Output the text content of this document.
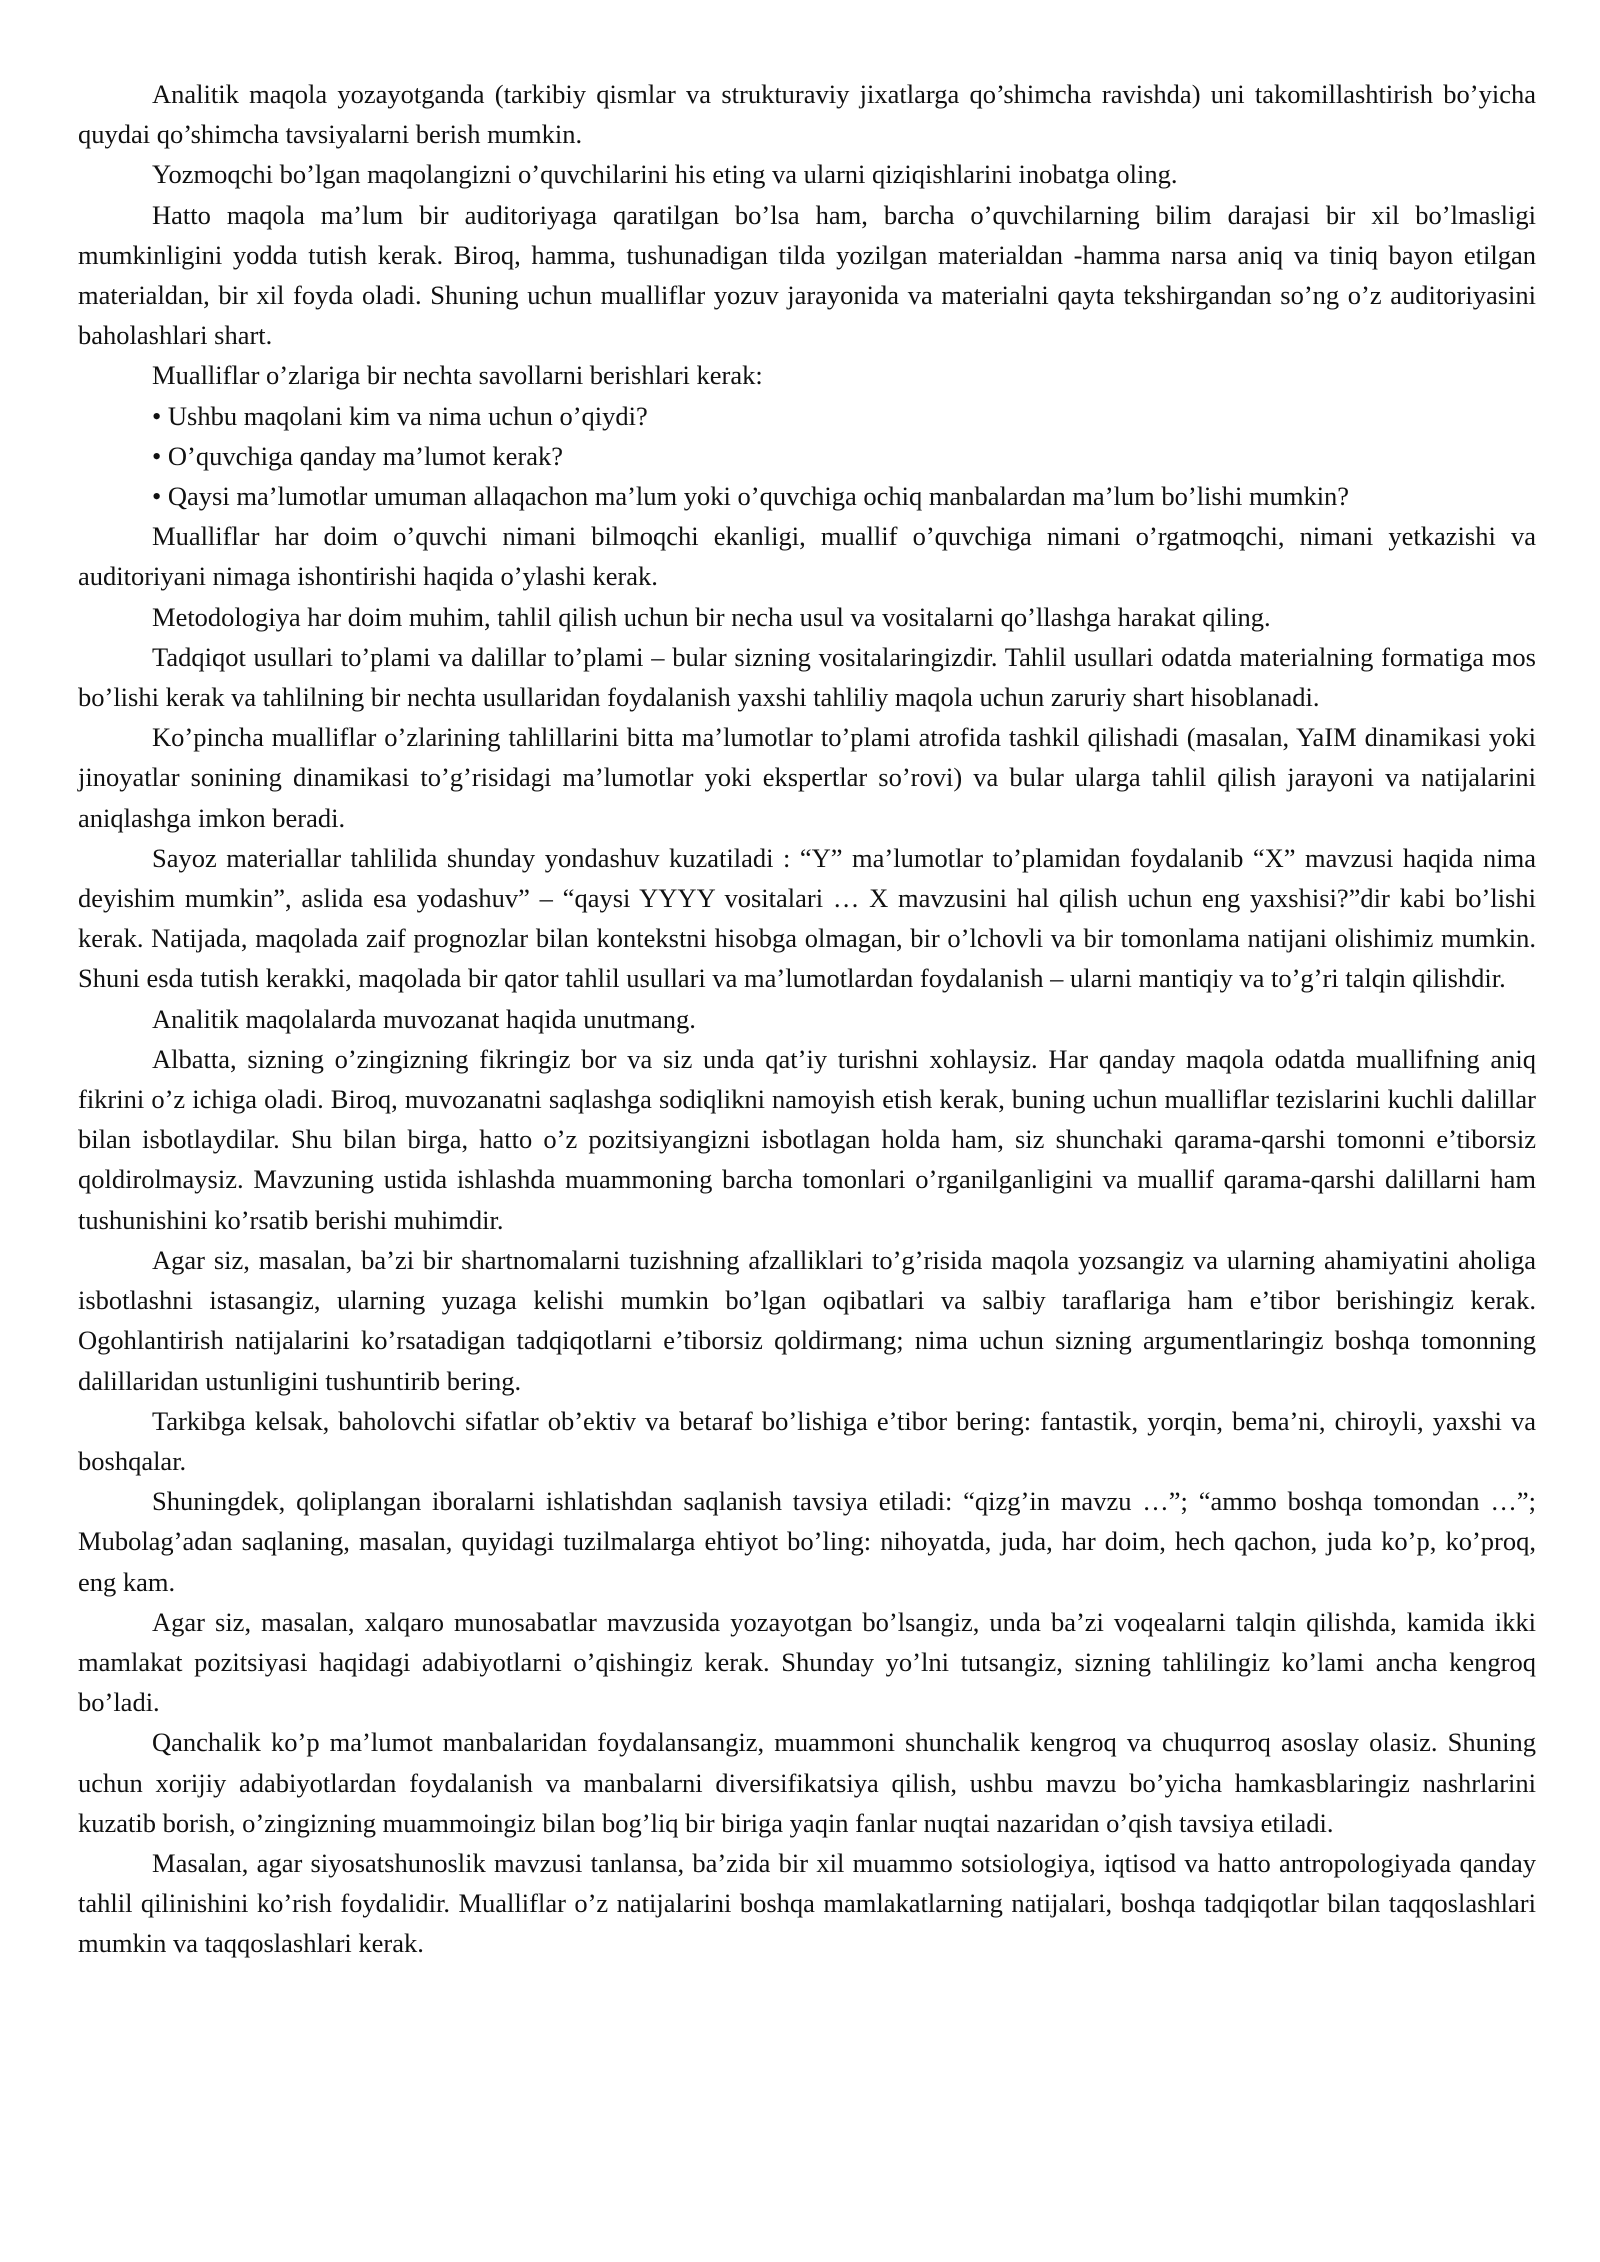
Analitik maqola yozayotganda (tarkibiy qismlar va strukturaviy jixatlarga qo’shimcha ravishda) uni takomillashtirish bo’yicha quydai qo’shimcha tavsiyalarni berish mumkin.

Yozmoqchi bo’lgan maqolangizni o’quvchilarini his eting va ularni qiziqishlarini inobatga oling.

Hatto maqola ma’lum bir auditoriyaga qaratilgan bo’lsa ham, barcha o’quvchilarning bilim darajasi bir xil bo’lmasligi mumkinligini yodda tutish kerak. Biroq, hamma, tushunadigan tilda yozilgan materialdan -hamma narsa aniq va tiniq bayon etilgan materialdan, bir xil foyda oladi. Shuning uchun mualliflar yozuv jarayonida va materialni qayta tekshirgandan so’ng o’z auditoriyasini baholashlari shart.

Mualliflar o’zlariga bir nechta savollarni berishlari kerak:

• Ushbu maqolani kim va nima uchun o’qiydi?

• O’quvchiga qanday ma’lumot kerak?

• Qaysi ma’lumotlar umuman allaqachon ma’lum yoki o’quvchiga ochiq manbalardan ma’lum bo’lishi mumkin?

Mualliflar har doim o’quvchi nimani bilmoqchi ekanligi, muallif o’quvchiga nimani o’rgatmoqchi, nimani yetkazishi va auditoriyani nimaga ishontirishi haqida o’ylashi kerak.

Metodologiya har doim muhim, tahlil qilish uchun bir necha usul va vositalarni qo’llashga harakat qiling.

Tadqiqot usullari to’plami va dalillar to’plami – bular sizning vositalaringizdir. Tahlil usullari odatda materialning formatiga mos bo’lishi kerak va tahlilning bir nechta usullaridan foydalanish yaxshi tahliliy maqola uchun zaruriy shart hisoblanadi.

Ko’pincha mualliflar o’zlarining tahlillarini bitta ma’lumotlar to’plami atrofida tashkil qilishadi (masalan, YaIM dinamikasi yoki jinoyatlar sonining dinamikasi to’g’risidagi ma’lumotlar yoki ekspertlar so’rovi) va bular ularga tahlil qilish jarayoni va natijalarini aniqlashga imkon beradi.

Sayoz materiallar tahlilida shunday yondashuv kuzatiladi : “Y” ma’lumotlar to’plamidan foydalanib “X” mavzusi haqida nima deyishim mumkin”, aslida esa yodashuv” – “qaysi YYYY vositalari … X mavzusini hal qilish uchun eng yaxshisi?”dir kabi bo’lishi kerak. Natijada, maqolada zaif prognozlar bilan kontekstni hisobga olmagan, bir o’lchovli va bir tomonlama natijani olishimiz mumkin. Shuni esda tutish kerakki, maqolada bir qator tahlil usullari va ma’lumotlardan foydalanish – ularni mantiqiy va to’g’ri talqin qilishdir.

Analitik maqolalarda muvozanat haqida unutmang.

Albatta, sizning o’zingizning fikringiz bor va siz unda qat’iy turishni xohlaysiz. Har qanday maqola odatda muallifning aniq fikrini o’z ichiga oladi. Biroq, muvozanatni saqlashga sodiqlikni namoyish etish kerak, buning uchun mualliflar tezislarini kuchli dalillar bilan isbotlaydilar. Shu bilan birga, hatto o’z pozitsiyangizni isbotlagan holda ham, siz shunchaki qarama-qarshi tomonni e’tiborsiz qoldirolmaysiz. Mavzuning ustida ishlashda muammoning barcha tomonlari o’rganilganligini va muallif qarama-qarshi dalillarni ham tushunishini ko’rsatib berishi muhimdir.

Agar siz, masalan, ba’zi bir shartnomalarni tuzishning afzalliklari to’g’risida maqola yozsangiz va ularning ahamiyatini aholiga isbotlashni istasangiz, ularning yuzaga kelishi mumkin bo’lgan oqibatlari va salbiy taraflariga ham e’tibor berishingiz kerak. Ogohlantirish natijalarini ko’rsatadigan tadqiqotlarni e’tiborsiz qoldirmang; nima uchun sizning argumentlaringiz boshqa tomonning dalillaridan ustunligini tushuntirib bering.

Tarkibga kelsak, baholovchi sifatlar ob’ektiv va betaraf bo’lishiga e’tibor bering: fantastik, yorqin, bema’ni, chiroyli, yaxshi va boshqalar.

Shuningdek, qoliplangan iboralarni ishlatishdan saqlanish tavsiya etiladi: “qizg’in mavzu …”; “ammo boshqa tomondan …”; Mubolag’adan saqlaning, masalan, quyidagi tuzilmalarga ehtiyot bo’ling: nihoyatda, juda, har doim, hech qachon, juda ko’p, ko’proq, eng kam.

Agar siz, masalan, xalqaro munosabatlar mavzusida yozayotgan bo’lsangiz, unda ba’zi voqealarni talqin qilishda, kamida ikki mamlakat pozitsiyasi haqidagi adabiyotlarni o’qishingiz kerak. Shunday yo’lni tutsangiz, sizning tahlilingiz ko’lami ancha kengroq bo’ladi.

Qanchalik ko’p ma’lumot manbalaridan foydalansangiz, muammoni shunchalik kengroq va chuqurroq asoslay olasiz. Shuning uchun xorijiy adabiyotlardan foydalanish va manbalarni diversifikatsiya qilish, ushbu mavzu bo’yicha hamkasblaringiz nashrlarini kuzatib borish, o’zingizning muammoingiz bilan bog’liq bir biriga yaqin fanlar nuqtai nazaridan o’qish tavsiya etiladi.

Masalan, agar siyosatshunoslik mavzusi tanlansa, ba’zida bir xil muammo sotsiologiya, iqtisod va hatto antropologiyada qanday tahlil qilinishini ko’rish foydalidir. Mualliflar o’z natijalarini boshqa mamlakatlarning natijalari, boshqa tadqiqotlar bilan taqqoslashlari mumkin va taqqoslashlari kerak.
